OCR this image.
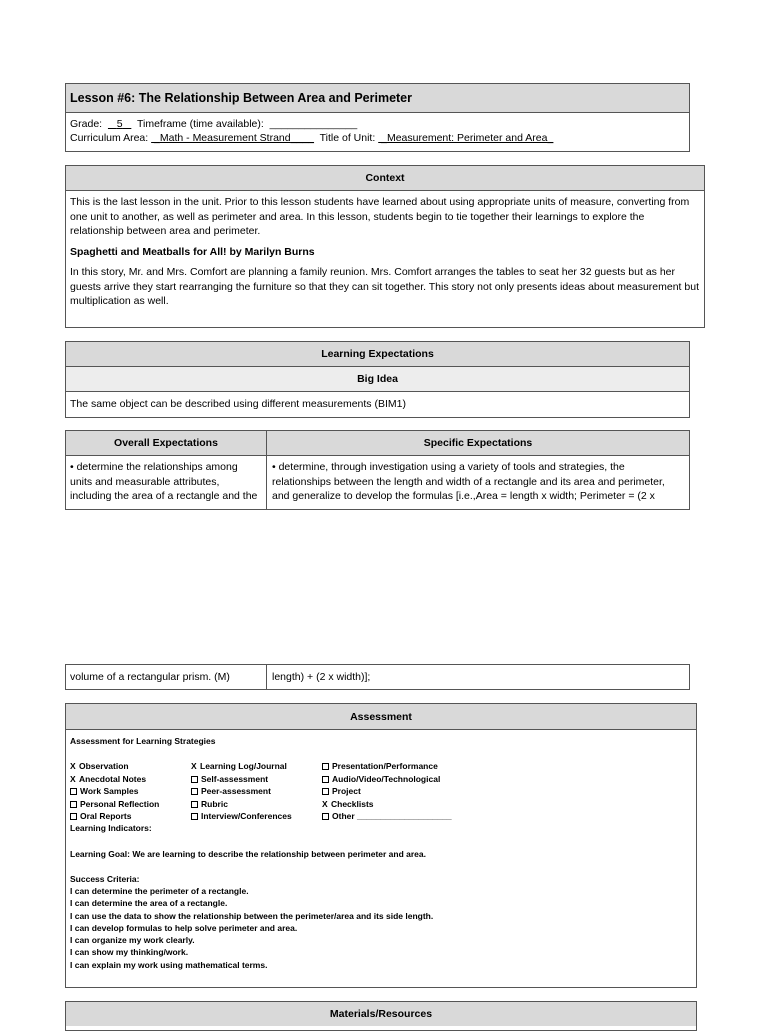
Lesson #6: The Relationship Between Area and Perimeter
Grade: 5 Timeframe (time available):  _______________
Curriculum Area:  _Math - Measurement Strand____ Title of Unit:  _Measurement: Perimeter and Area_
Context
This is the last lesson in the unit. Prior to this lesson students have learned about using appropriate units of measure, converting from one unit to another, as well as perimeter and area. In this lesson, students begin to tie together their learnings to explore the relationship between area and perimeter.
Spaghetti and Meatballs for All! by Marilyn Burns
In this story, Mr. and Mrs. Comfort are planning a family reunion. Mrs. Comfort arranges the tables to seat her 32 guests but as her guests arrive they start rearranging the furniture so that they can sit together. This story not only presents ideas about measurement but multiplication as well.
Learning Expectations
Big Idea
The same object can be described using different measurements (BIM1)
Overall Expectations	Specific Expectations
• determine the relationships among
units and measurable attributes,
including the area of a rectangle and the
• determine, through investigation using a variety of tools and strategies, the
relationships between the length and width of a rectangle and its area and perimeter,
and generalize to develop the formulas [i.e.,Area = length x width; Perimeter = (2 x
volume of a rectangular prism. (M)	length) + (2 x width)];
Assessment
Assessment for Learning Strategies
X Observation
X Anecdotal Notes
Work Samples
Personal Reflection
Oral Reports
X Learning Log/Journal
Self-assessment
Peer-assessment
Rubric
Interview/Conferences
Presentation/Performance
Audio/Video/Technological
Project
X Checklists
Other ____________________
Learning Indicators:
Learning Goal: We are learning to describe the relationship between perimeter and area.
Success Criteria:
I can determine the perimeter of a rectangle.
I can determine the area of a rectangle.
I can use the data to show the relationship between the perimeter/area and its side length.
I can develop formulas to help solve perimeter and area.
I can organize my work clearly.
I can show my thinking/work.
I can explain my work using mathematical terms.
Materials/Resources
